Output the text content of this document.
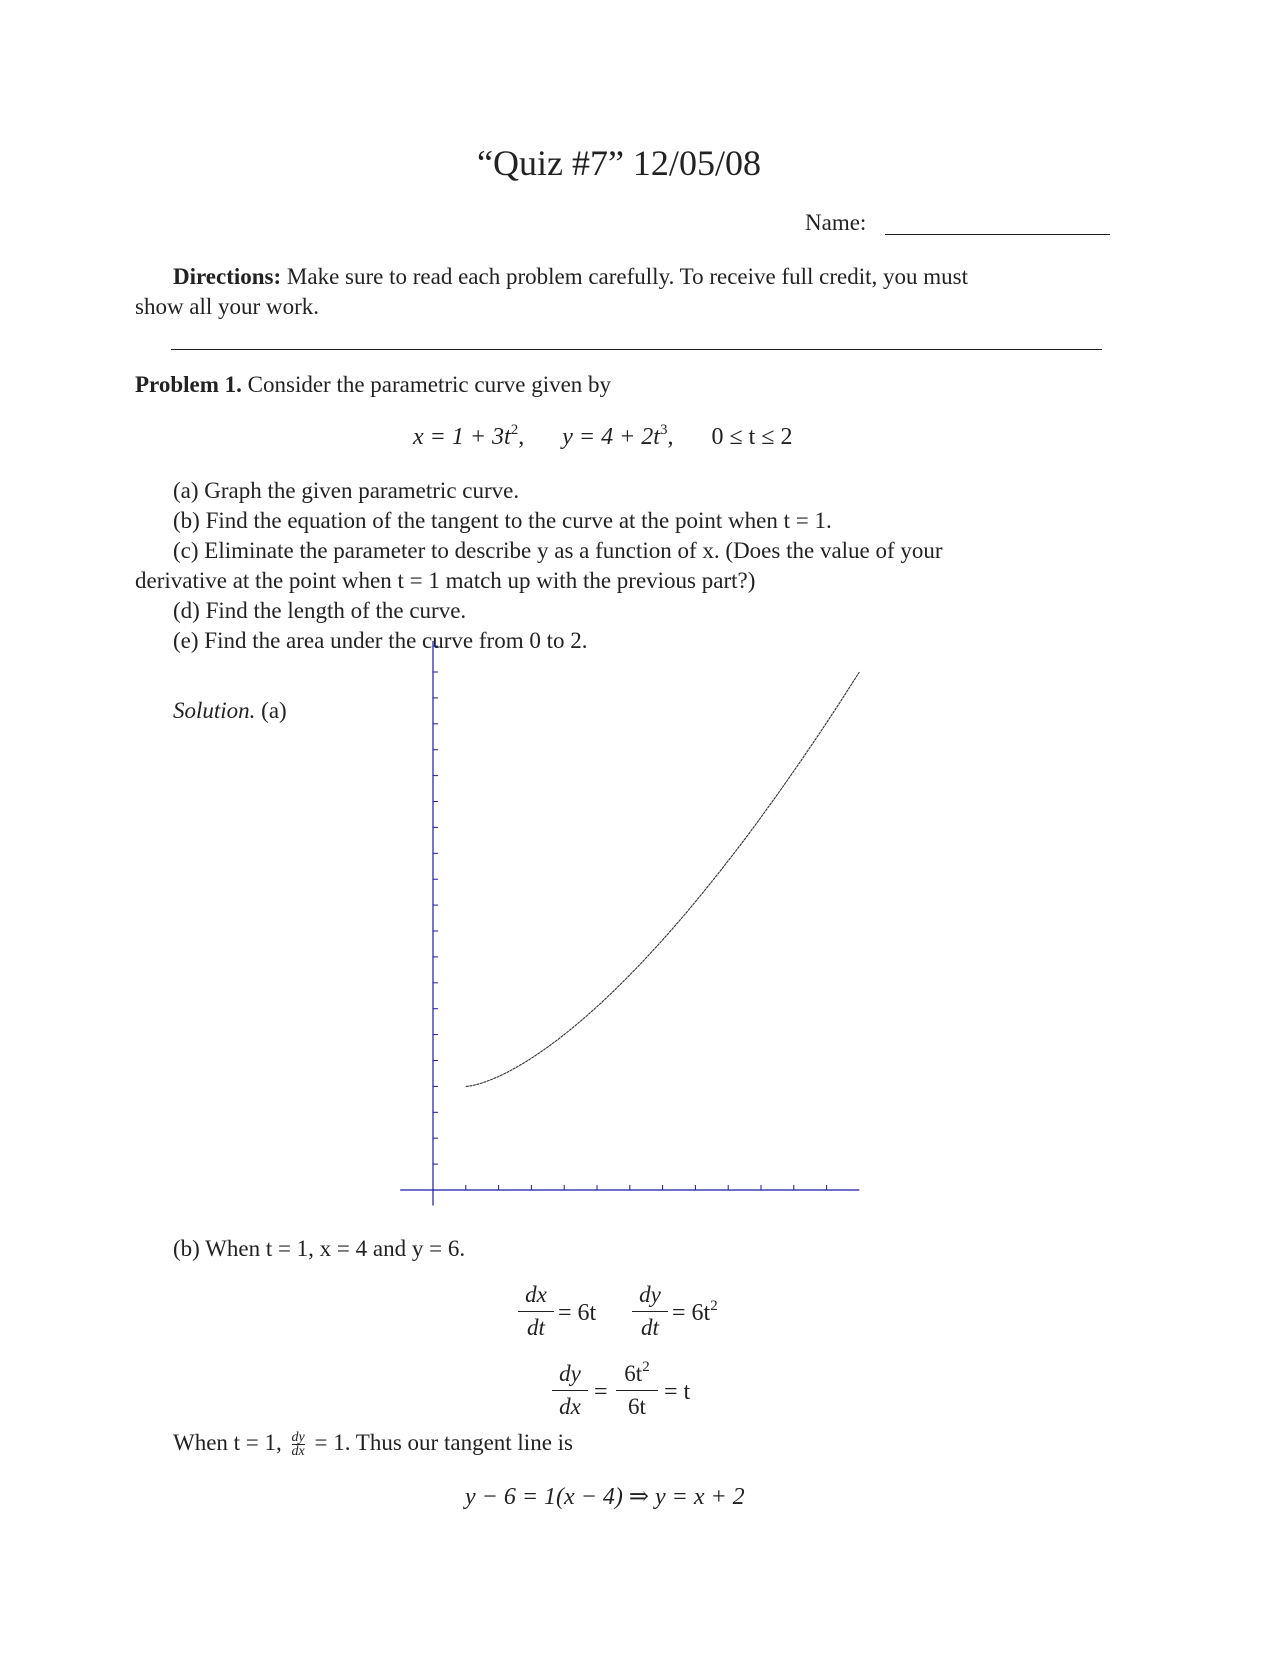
“Quiz #7” 12/05/08
Name:
Directions: Make sure to read each problem carefully. To receive full credit, you must
show all your work.
Problem 1. Consider the parametric curve given by
$x = 1 + 3t^2$,  $y = 4 + 2t^3$,  0 ≤ t ≤ 2
(a) Graph the given parametric curve.
(b) Find the equation of the tangent to the curve at the point when t = 1.
(c) Eliminate the parameter to describe y as a function of x. (Does the value of your
derivative at the point when t = 1 match up with the previous part?)
(d) Find the length of the curve.
(e) Find the area under the curve from 0 to 2.
Solution. (a)
(b) When t = 1, x = 4 and y = 6.
dx
dt
= 6t
dy
dt
= $6t^2$
dy
dx
=
$6t^2$
6t
= t
When t = 1, $\frac{dy}{dx} = 1$. Thus our tangent line is
y − 6 = 1(x − 4) ⇒ y = x + 2
